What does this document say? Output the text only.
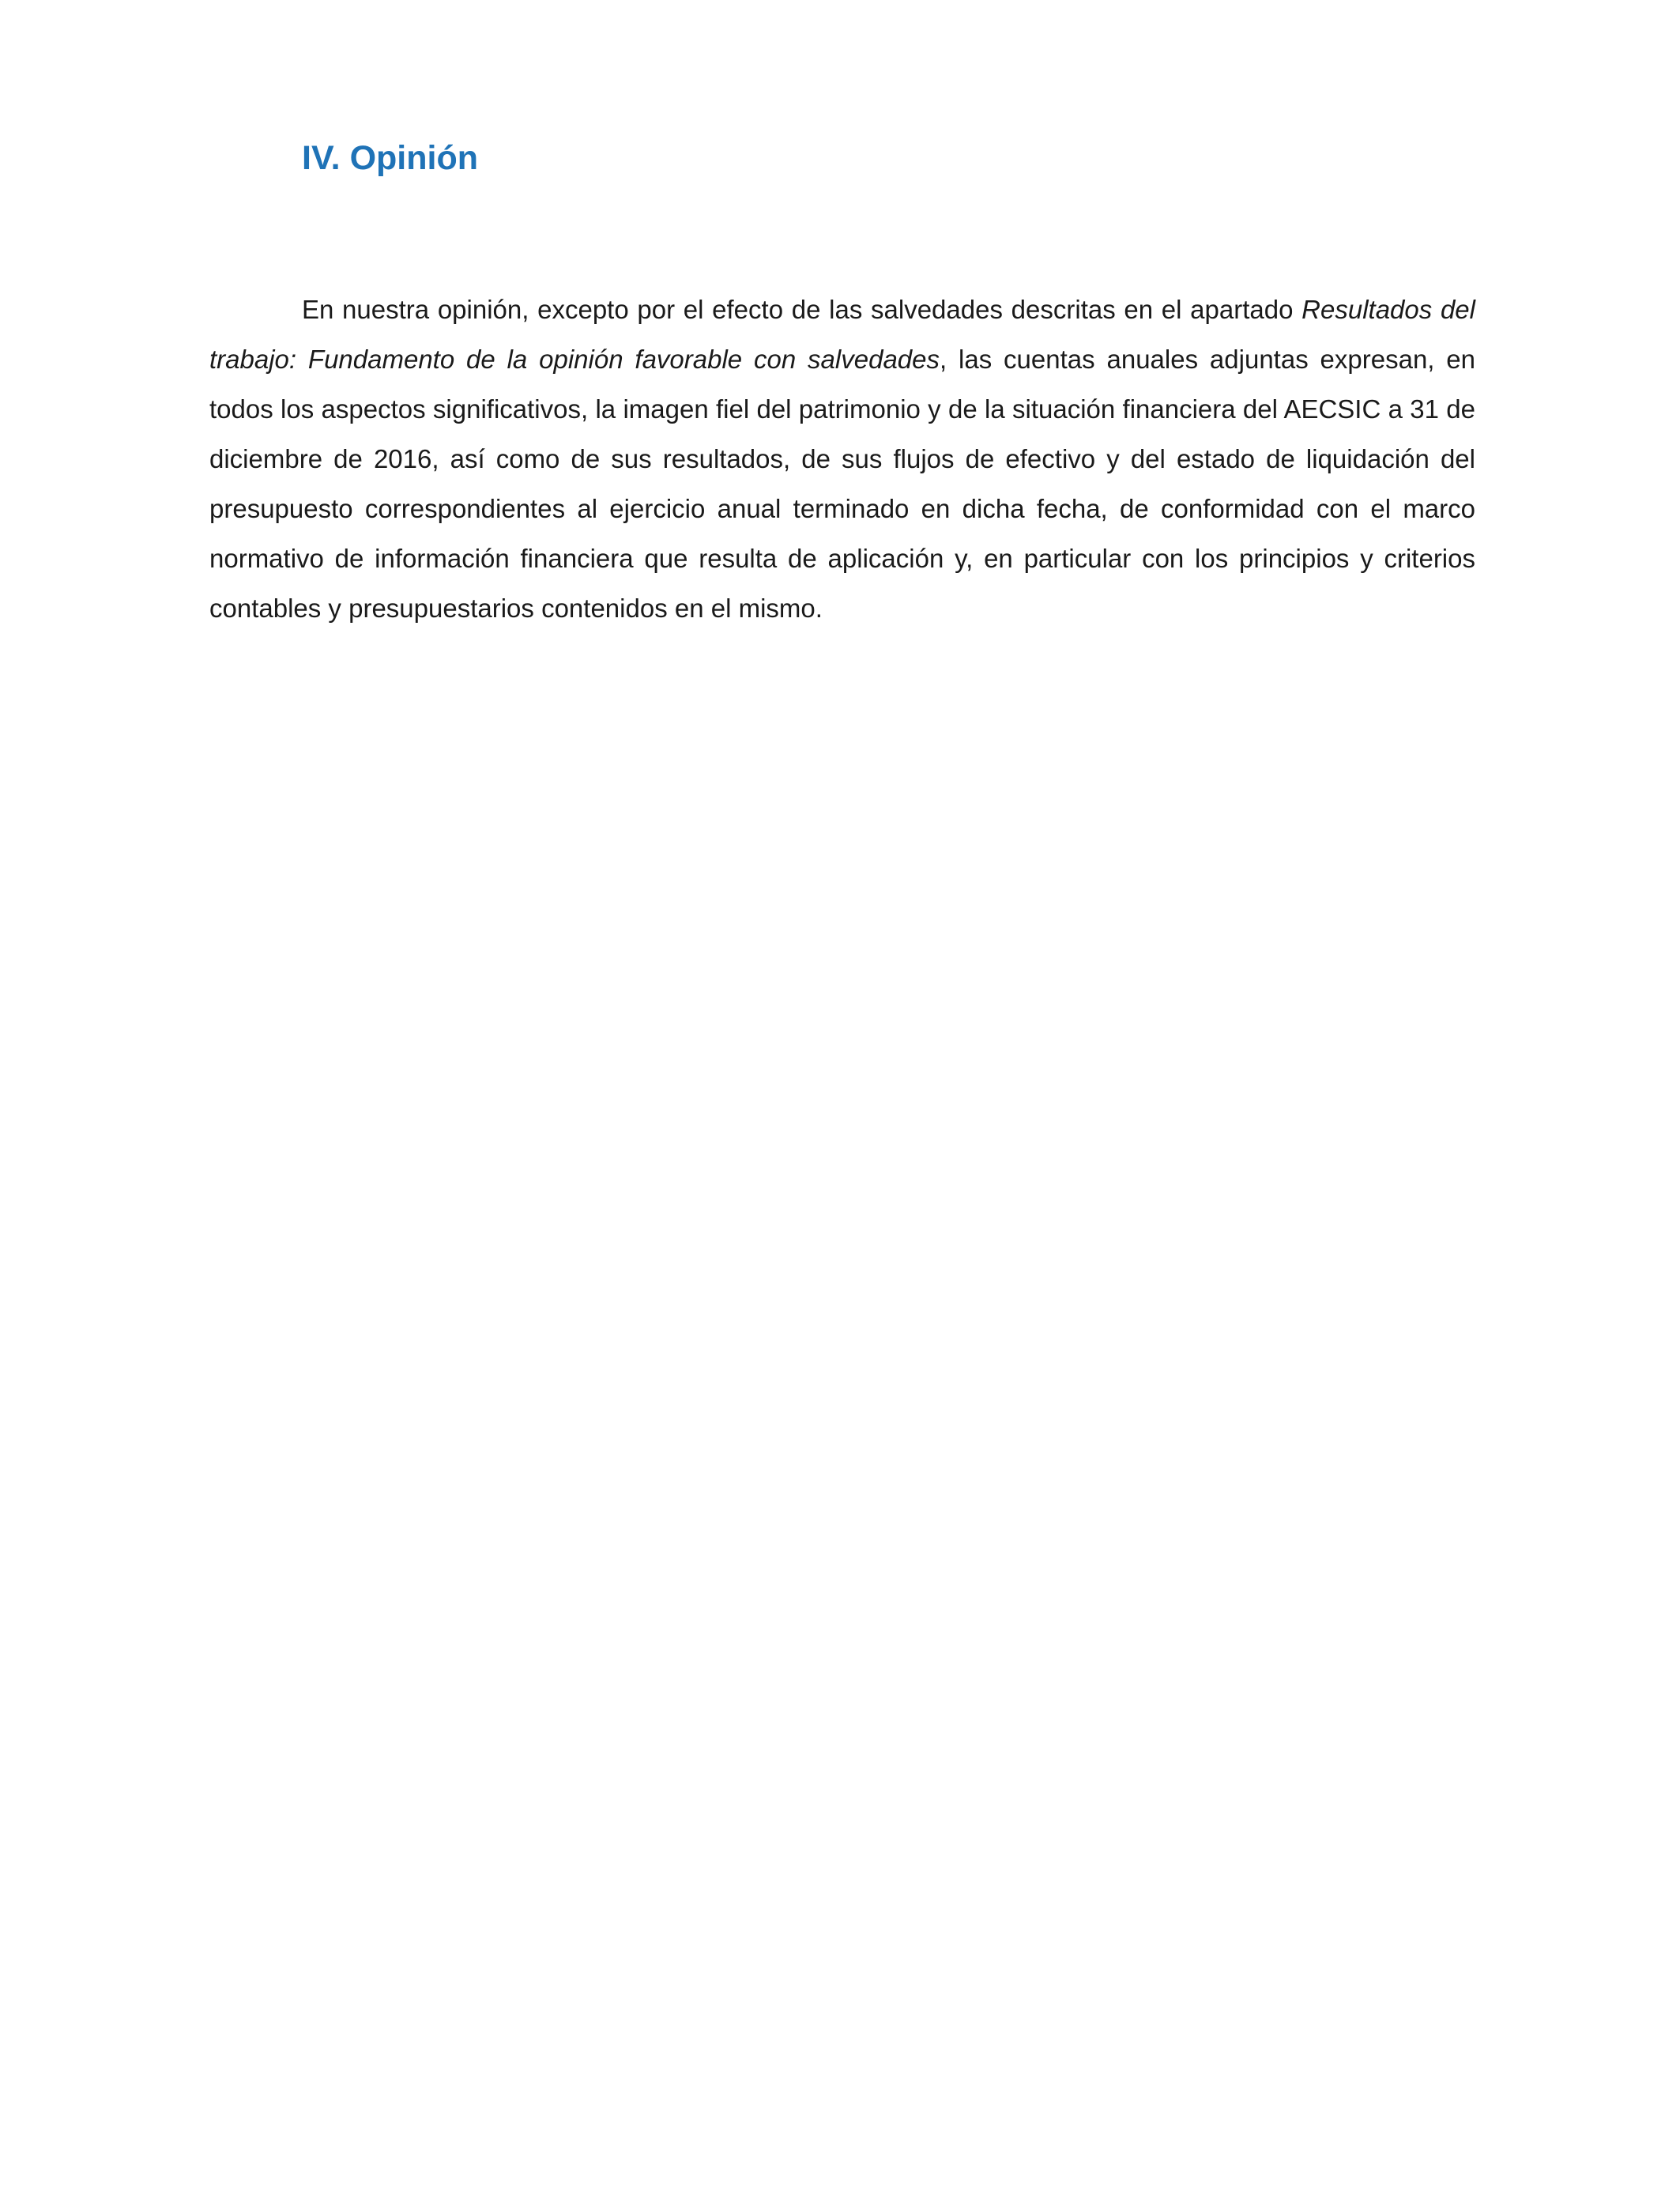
IV. Opinión

En nuestra opinión, excepto por el efecto de las salvedades descritas en el apartado Resultados del trabajo: Fundamento de la opinión favorable con salvedades, las cuentas anuales adjuntas expresan, en todos los aspectos significativos, la imagen fiel del patrimonio y de la situación financiera del AECSIC a 31 de diciembre de 2016, así como de sus resultados, de sus flujos de efectivo y del estado de liquidación del presupuesto correspondientes al ejercicio anual terminado en dicha fecha, de conformidad con el marco normativo de información financiera que resulta de aplicación y, en particular con los principios y criterios contables y presupuestarios contenidos en el mismo.
